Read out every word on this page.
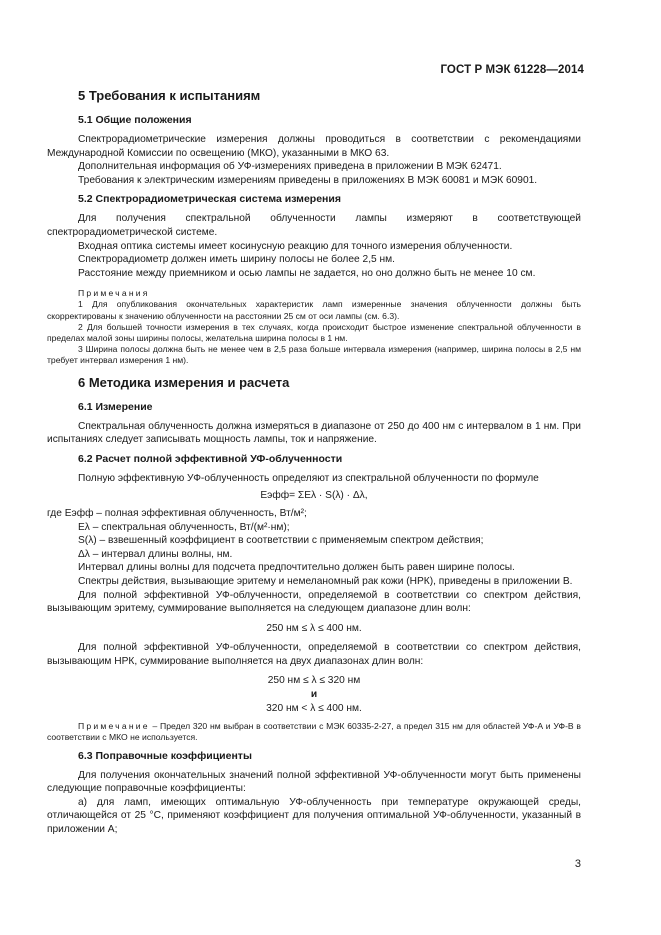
ГОСТ Р МЭК 61228—2014
5 Требования к испытаниям
5.1 Общие положения

Спектрорадиометрические измерения должны проводиться в соответствии с рекомендациями Международной Комиссии по освещению (МКО), указанными в МКО 63.

Дополнительная информация об УФ-измерениях приведена в приложении В МЭК 62471.

Требования к электрическим измерениям приведены в приложениях В МЭК 60081 и МЭК 60901.

5.2 Спектрорадиометрическая система измерения

Для получения спектральной облученности лампы измеряют в соответствующей спектрорадиометрической системе.

Входная оптика системы имеет косинусную реакцию для точного измерения облученности.

Спектрорадиометр должен иметь ширину полосы не более 2,5 нм.

Расстояние между приемником и осью лампы не задается, но оно должно быть не менее 10 см.

Примечания

1 Для опубликования окончательных характеристик ламп измеренные значения облученности должны быть скорректированы к значению облученности на расстоянии 25 см от оси лампы (см. 6.3).

2 Для большей точности измерения в тех случаях, когда происходит быстрое изменение спектральной облученности в пределах малой зоны ширины полосы, желательна ширина полосы в 1 нм.

3 Ширина полосы должна быть не менее чем в 2,5 раза больше интервала измерения (например, ширина полосы в 2,5 нм требует интервал измерения 1 нм).

6 Методика измерения и расчета
6.1 Измерение

Спектральная облученность должна измеряться в диапазоне от 250 до 400 нм с интервалом в 1 нм. При испытаниях следует записывать мощность лампы, ток и напряжение.

6.2 Расчет полной эффективной УФ-облученности

Полную эффективную УФ-облученность определяют из спектральной облученности по формуле

Eэфф= ΣEλ · S(λ) · Δλ,

где Eэфф – полная эффективная облученность, Вт/м²;

Eλ – спектральная облученность, Вт/(м²·нм);

S(λ) – взвешенный коэффициент в соответствии с применяемым спектром действия;

Δλ – интервал длины волны, нм.

Интервал длины волны для подсчета предпочтительно должен быть равен ширине полосы.

Спектры действия, вызывающие эритему и немеланомный рак кожи (НРК), приведены в приложении В.

Для полной эффективной УФ-облученности, определяемой в соответствии со спектром действия, вызывающим эритему, суммирование выполняется на следующем диапазоне длин волн:

250 нм ≤ λ ≤ 400 нм.

Для полной эффективной УФ-облученности, определяемой в соответствии со спектром действия, вызывающим НРК, суммирование выполняется на двух диапазонах длин волн:

250 нм ≤ λ ≤ 320 нм

и

320 нм < λ ≤ 400 нм.

Примечание – Предел 320 нм выбран в соответствии с МЭК 60335-2-27, а предел 315 нм для областей УФ-А и УФ-В в соответствии с МКО не используется.

6.3 Поправочные коэффициенты

Для получения окончательных значений полной эффективной УФ-облученности могут быть применены следующие поправочные коэффициенты:

а) для ламп, имеющих оптимальную УФ-облученность при температуре окружающей среды, отличающейся от 25 °С, применяют коэффициент для получения оптимальной УФ-облученности, указанный в приложении А;

3
